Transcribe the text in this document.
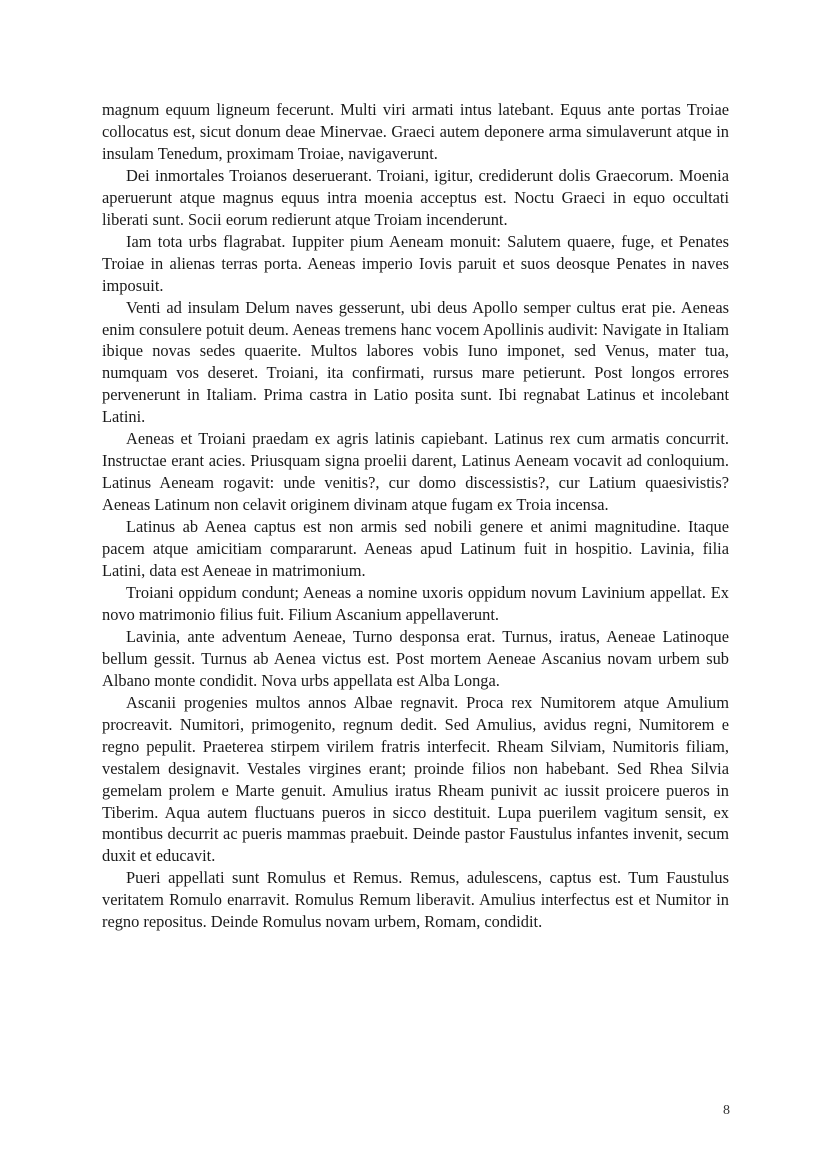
magnum equum ligneum fecerunt. Multi viri armati intus latebant. Equus ante portas Troiae collocatus est, sicut donum deae Minervae. Graeci autem deponere arma simulaverunt atque in insulam Tenedum, proximam Troiae, navigaverunt.

Dei inmortales Troianos deseruerant. Troiani, igitur, crediderunt dolis Graecorum. Moenia aperuerunt atque magnus equus intra moenia acceptus est. Noctu Graeci in equo occultati liberati sunt. Socii eorum redierunt atque Troiam incenderunt.

Iam tota urbs flagrabat. Iuppiter pium Aeneam monuit: Salutem quaere, fuge, et Penates Troiae in alienas terras porta. Aeneas imperio Iovis paruit et suos deosque Penates in naves imposuit.

Venti ad insulam Delum naves gesserunt, ubi deus Apollo semper cultus erat pie. Aeneas enim consulere potuit deum. Aeneas tremens hanc vocem Apollinis audivit: Navigate in Italiam ibique novas sedes quaerite. Multos labores vobis Iuno imponet, sed Venus, mater tua, numquam vos deseret. Troiani, ita confirmati, rursus mare petierunt. Post longos errores pervenerunt in Italiam. Prima castra in Latio posita sunt. Ibi regnabat Latinus et incolebant Latini.

Aeneas et Troiani praedam ex agris latinis capiebant. Latinus rex cum armatis concurrit. Instructae erant acies. Priusquam signa proelii darent, Latinus Aeneam vocavit ad conloquium. Latinus Aeneam rogavit: unde venitis?, cur domo discessistis?, cur Latium quaesivistis? Aeneas Latinum non celavit originem divinam atque fugam ex Troia incensa.

Latinus ab Aenea captus est non armis sed nobili genere et animi magnitudine. Itaque pacem atque amicitiam compararunt. Aeneas apud Latinum fuit in hospitio. Lavinia, filia Latini, data est Aeneae in matrimonium.

Troiani oppidum condunt; Aeneas a nomine uxoris oppidum novum Lavinium appellat. Ex novo matrimonio filius fuit. Filium Ascanium appellaverunt.

Lavinia, ante adventum Aeneae, Turno desponsa erat. Turnus, iratus, Aeneae Latinoque bellum gessit. Turnus ab Aenea victus est. Post mortem Aeneae Ascanius novam urbem sub Albano monte condidit. Nova urbs appellata est Alba Longa.

Ascanii progenies multos annos Albae regnavit. Proca rex Numitorem atque Amulium procreavit. Numitori, primogenito, regnum dedit. Sed Amulius, avidus regni, Numitorem e regno pepulit. Praeterea stirpem virilem fratris interfecit. Rheam Silviam, Numitoris filiam, vestalem designavit. Vestales virgines erant; proinde filios non habebant. Sed Rhea Silvia gemelam prolem e Marte genuit. Amulius iratus Rheam punivit ac iussit proicere pueros in Tiberim. Aqua autem fluctuans pueros in sicco destituit. Lupa puerilem vagitum sensit, ex montibus decurrit ac pueris mammas praebuit. Deinde pastor Faustulus infantes invenit, secum duxit et educavit.

Pueri appellati sunt Romulus et Remus. Remus, adulescens, captus est. Tum Faustulus veritatem Romulo enarravit. Romulus Remum liberavit. Amulius interfectus est et Numitor in regno repositus. Deinde Romulus novam urbem, Romam, condidit.

8
